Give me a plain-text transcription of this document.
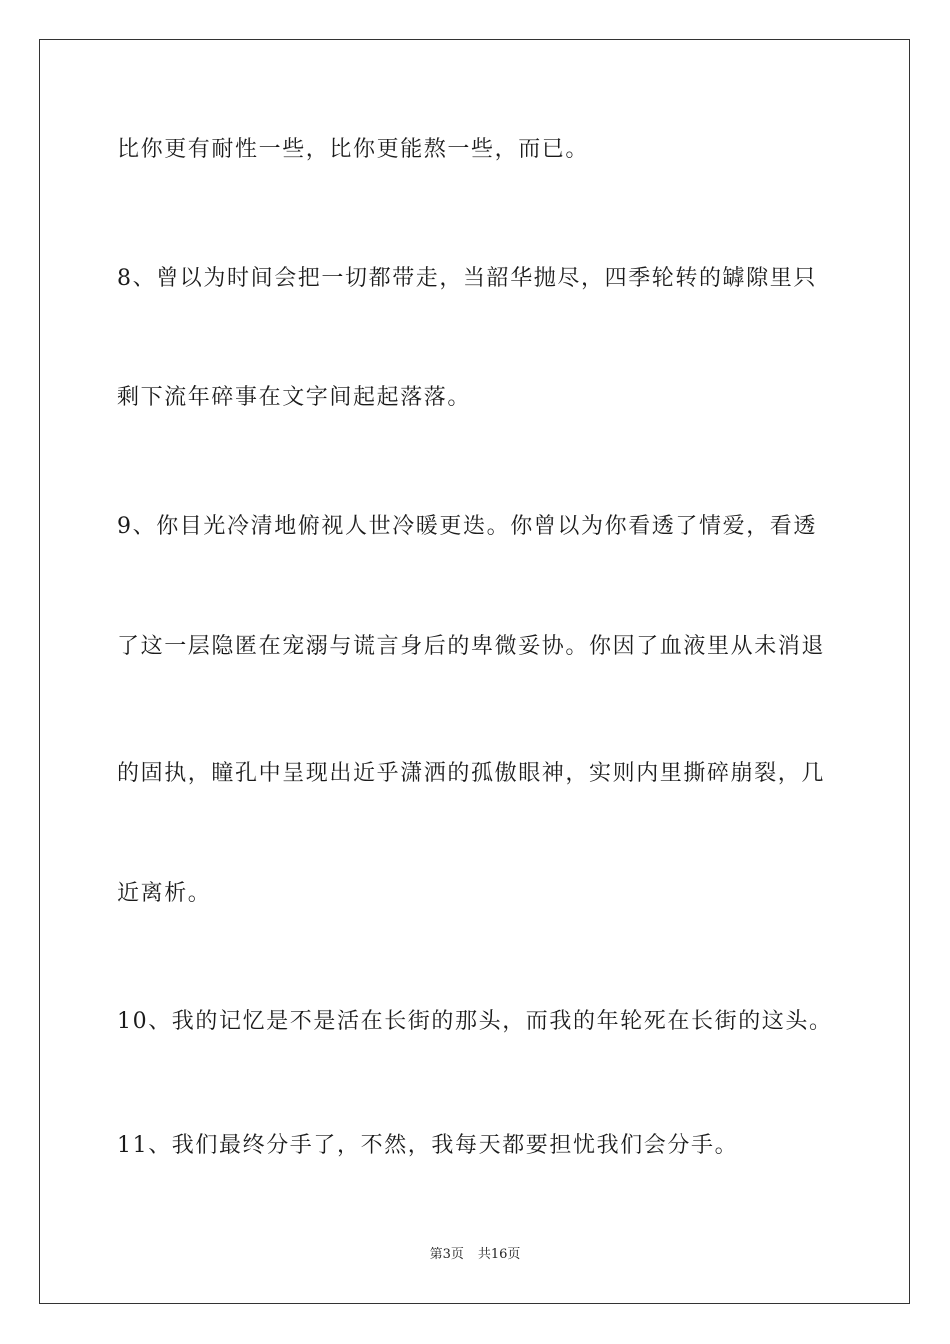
比你更有耐性一些，比你更能熬一些，而已。
8、曾以为时间会把一切都带走，当韶华抛尽，四季轮转的罅隙里只
剩下流年碎事在文字间起起落落。
9、你目光冷清地俯视人世冷暖更迭。你曾以为你看透了情爱，看透
了这一层隐匿在宠溺与谎言身后的卑微妥协。你因了血液里从未消退
的固执，瞳孔中呈现出近乎潇洒的孤傲眼神，实则内里撕碎崩裂，几
近离析。
10、我的记忆是不是活在长街的那头，而我的年轮死在长街的这头。
11、我们最终分手了，不然，我每天都要担忧我们会分手。
第3页 共16页
